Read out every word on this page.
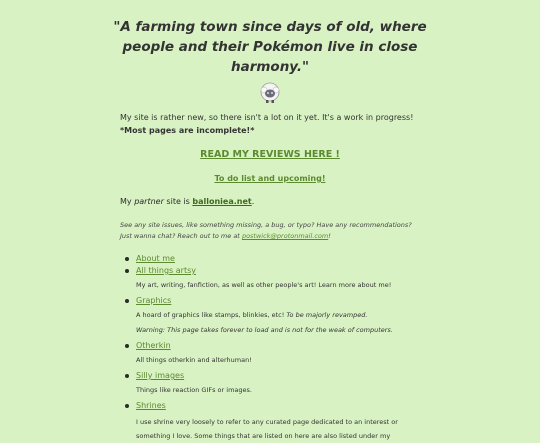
"A farming town since days of old, where people and their Pokémon live in close harmony."

My site is rather new, so there isn't a lot on it yet. It's a work in progress! *Most pages are incomplete!*

READ MY REVIEWS HERE !

To do list and upcoming!

My partner site is balloniea.net.

See any site issues, like something missing, a bug, or typo? Have any recommendations? Just wanna chat? Reach out to me at postwick@protonmail.com!

About me
All things artsy

My art, writing, fanfiction, as well as other people's art! Learn more about me!

Graphics

A hoard of graphics like stamps, blinkies, etc! To be majorly revamped.

Warning: This page takes forever to load and is not for the weak of computers.

Otherkin

All things otherkin and alterhuman!

Silly images

Things like reaction GIFs or images.

Shrines

I use shrine very loosely to refer to any curated page dedicated to an interest or something I love. Some things that are listed on here are also listed under my
